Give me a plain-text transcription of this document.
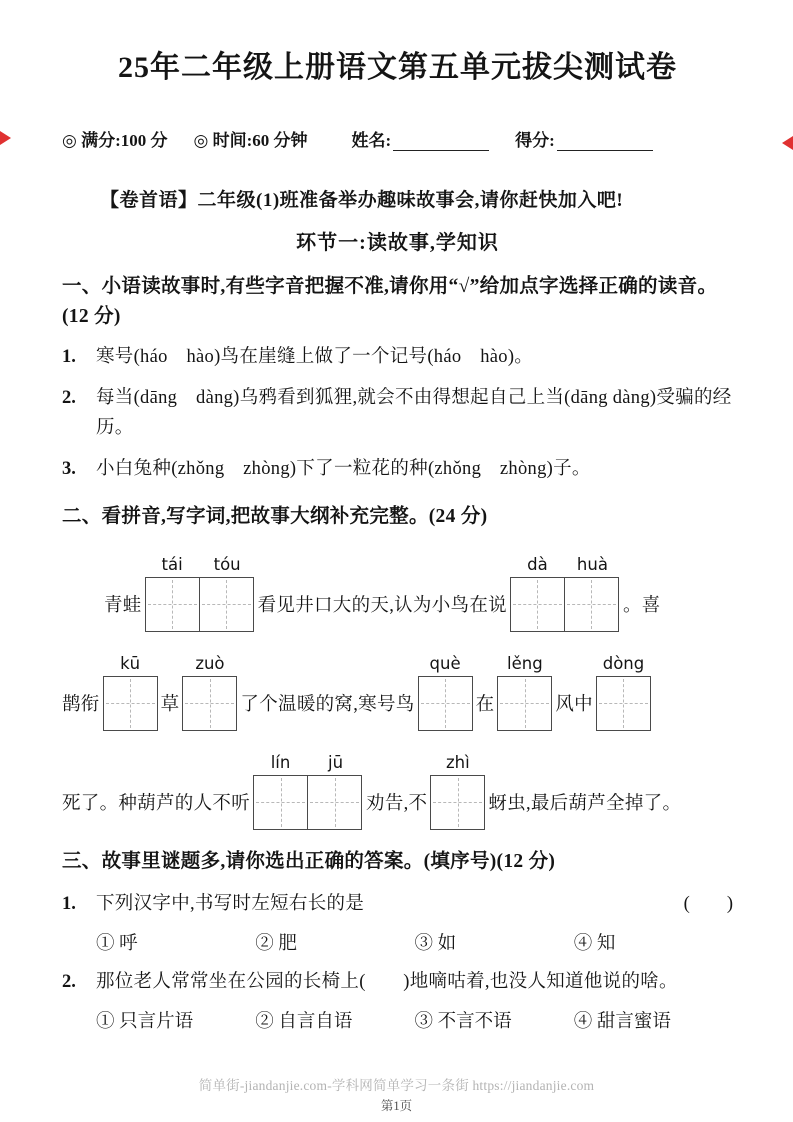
25年二年级上册语文第五单元拔尖测试卷
◎ 满分:100 分 ◎ 时间:60 分钟	姓名:	得分:
【卷首语】二年级(1)班准备举办趣味故事会,请你赶快加入吧!
环节一:读故事,学知识
一、小语读故事时,有些字音把握不准,请你用“√”给加点字选择正确的读音。(12 分)
1.	寒号(háo　hào)鸟在崖缝上做了一个记号(háo　hào)。
2.	每当(dāng　dàng)乌鸦看到狐狸,就会不由得想起自己上当(dāng dàng)受骗的经历。
3.	小白兔种(zhǒng　zhòng)下了一粒花的种(zhǒng　zhòng)子。
二、看拼音,写字词,把故事大纲补充完整。(24 分)
青蛙
tái	tóu
看见井口大的天,认为小鸟在说
dà	huà
。喜
鹊衔
kū
草
zuò
了个温暖的窝,寒号鸟
què
在
lěng
风中
dòng
死了。种葫芦的人不听
lín	jū
劝告,不
zhì
蚜虫,最后葫芦全掉了。
三、故事里谜题多,请你选出正确的答案。(填序号)(12 分)
1.	下列汉字中,书写时左短右长的是	(　　)
① 呼	② 肥	③ 如	④ 知
2.	那位老人常常坐在公园的长椅上(　　)地嘀咕着,也没人知道他说的啥。
① 只言片语	② 自言自语	③ 不言不语	④ 甜言蜜语
简单街-jiandanjie.com-学科网简单学习一条街 https://jiandanjie.com
第1页
